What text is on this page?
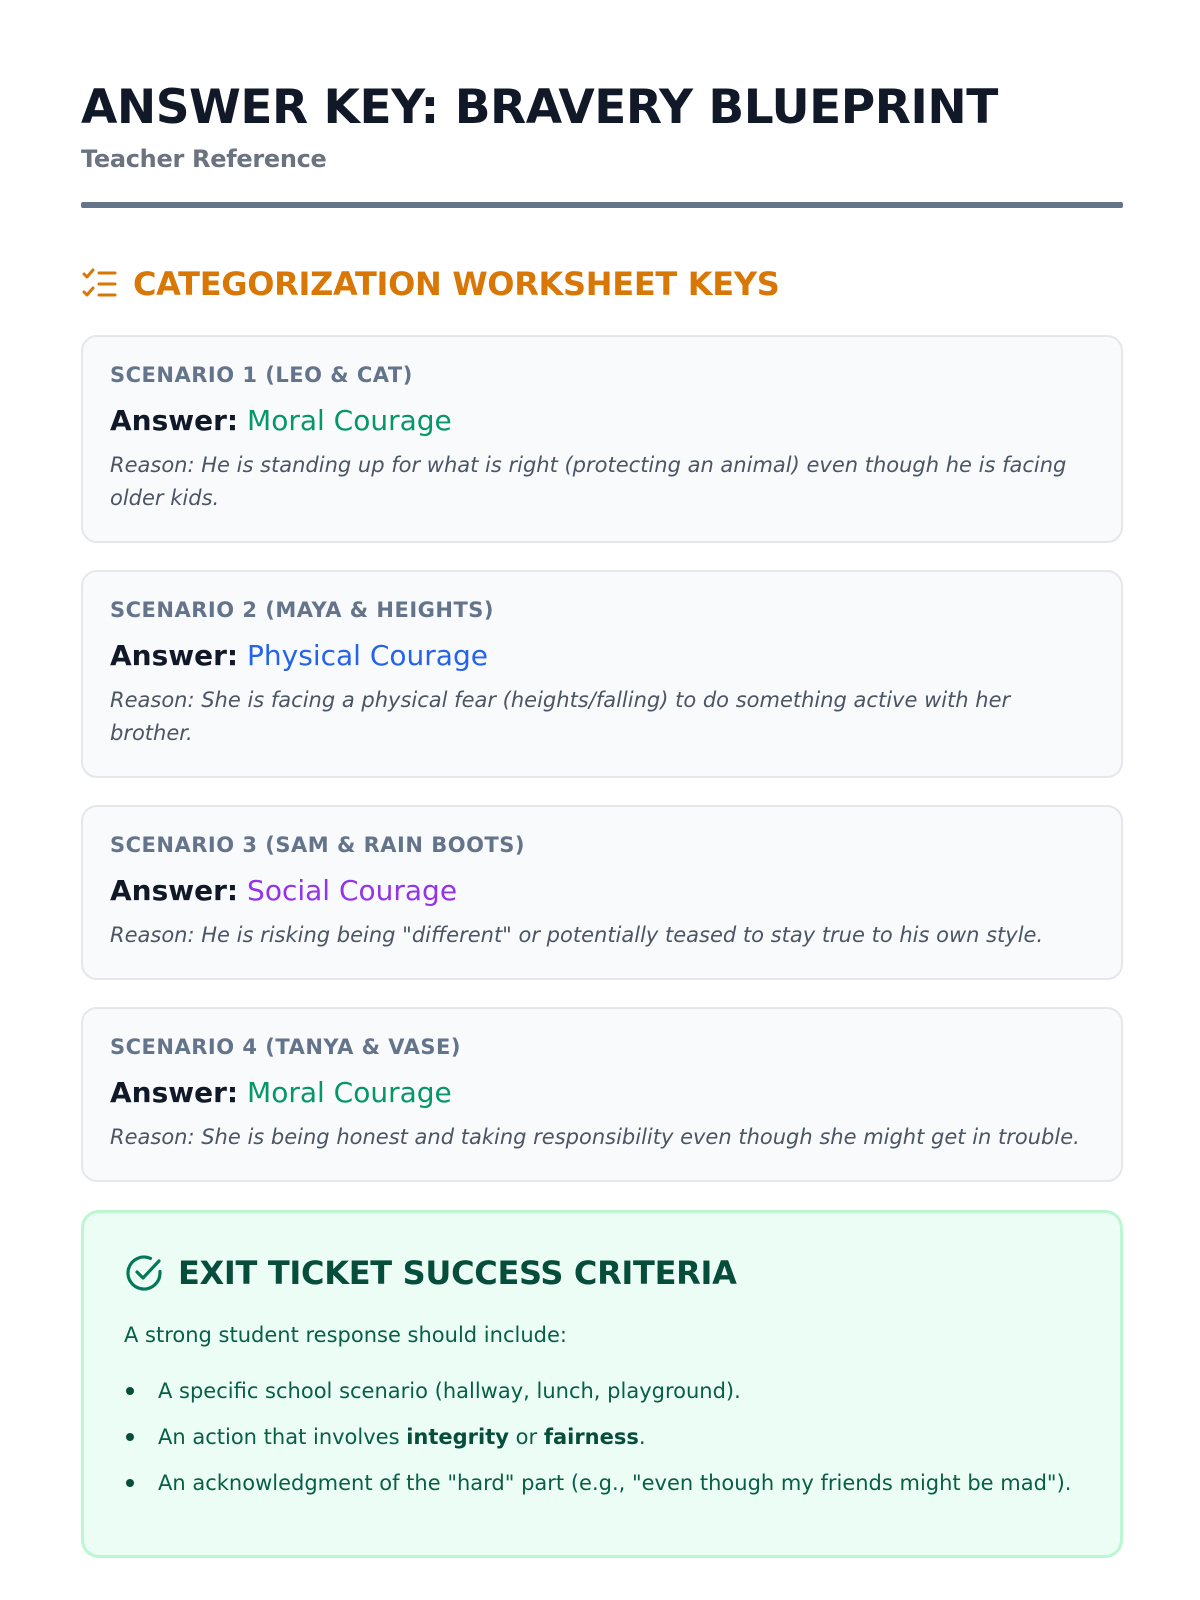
ANSWER KEY: BRAVERY BLUEPRINT
Teacher Reference
CATEGORIZATION WORKSHEET KEYS
SCENARIO 1 (LEO & CAT)
Answer: Moral Courage
Reason: He is standing up for what is right (protecting an animal) even though he is facing older kids.
SCENARIO 2 (MAYA & HEIGHTS)
Answer: Physical Courage
Reason: She is facing a physical fear (heights/falling) to do something active with her brother.
SCENARIO 3 (SAM & RAIN BOOTS)
Answer: Social Courage
Reason: He is risking being "different" or potentially teased to stay true to his own style.
SCENARIO 4 (TANYA & VASE)
Answer: Moral Courage
Reason: She is being honest and taking responsibility even though she might get in trouble.
EXIT TICKET SUCCESS CRITERIA
A strong student response should include:
A specific school scenario (hallway, lunch, playground).
An action that involves integrity or fairness.
An acknowledgment of the "hard" part (e.g., "even though my friends might be mad").
